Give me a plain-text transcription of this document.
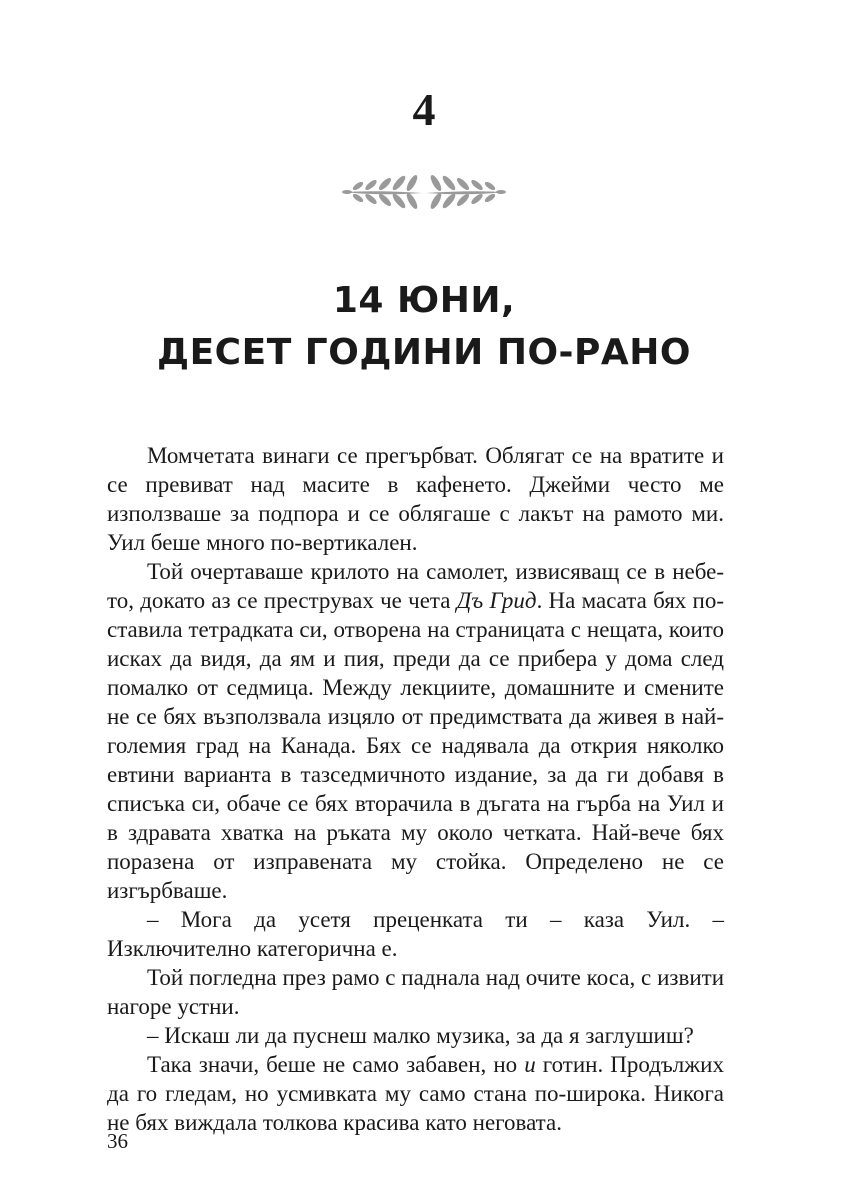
4
14 ЮНИ,
ДЕСЕТ ГОДИНИ ПО-РАНО

Момчетата винаги се прегърбват. Облягат се на вратите и се превиват над масите в кафенето. Джейми често ме използваше за подпора и се облягаше с лакът на рамото ми. Уил беше много по-вертикален.

Той очертаваше крилото на самолет, извисяващ се в небето, докато аз се преструвах че чета Дъ Грид. На масата бях поставила тетрадката си, отворена на страницата с нещата, които исках да видя, да ям и пия, преди да се прибера у дома след помалко от седмица. Между лекциите, домашните и смените не се бях възползвала изцяло от предимствата да живея в най-големия град на Канада. Бях се надявала да открия няколко евтини варианта в тазседмичното издание, за да ги добавя в списъка си, обаче се бях вторачила в дъгата на гърба на Уил и в здравата хватка на ръката му около четката. Най-вече бях поразена от изправената му стойка. Определено не се изгърбваше.

– Мога да усетя преценката ти – каза Уил. – Изключително категорична е.

Той погледна през рамо с паднала над очите коса, с извити нагоре устни.

– Искаш ли да пуснеш малко музика, за да я заглушиш?

Така значи, беше не само забавен, но и готин. Продължих да го гледам, но усмивката му само стана по-широка. Никога не бях виждала толкова красива като неговата.

36
